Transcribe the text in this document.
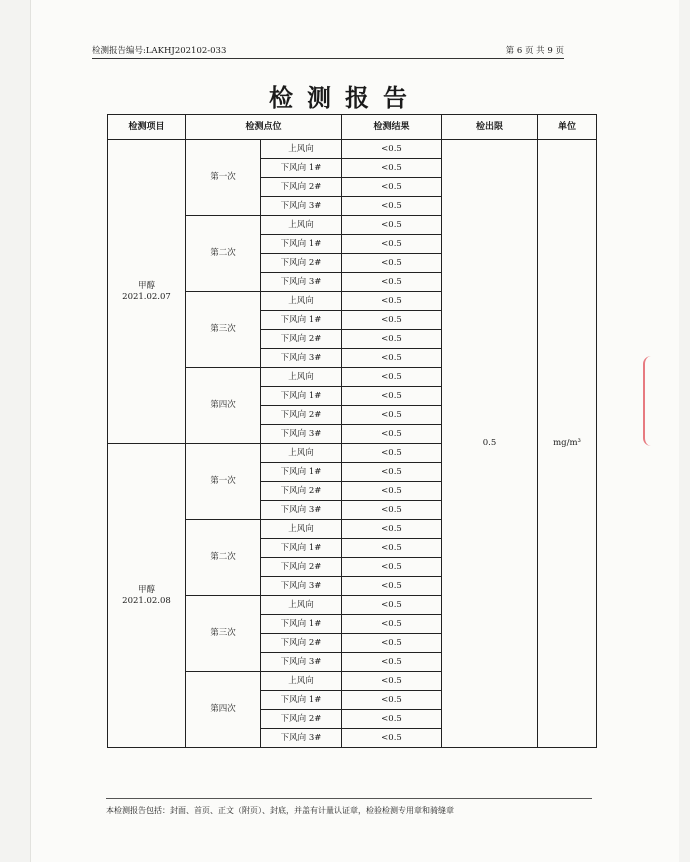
检测报告编号:LAKHJ202102-033	第 6 页 共 9 页
检测报告
检测项目	检测点位		检测结果	检出限	单位
甲醇
2021.02.07	第一次	上风向	<0.5	0.5	mg/m³
		下风向 1#	<0.5		
		下风向 2#	<0.5		
		下风向 3#	<0.5		
	第二次	上风向	<0.5		
		下风向 1#	<0.5		
		下风向 2#	<0.5		
		下风向 3#	<0.5		
	第三次	上风向	<0.5		
		下风向 1#	<0.5		
		下风向 2#	<0.5		
		下风向 3#	<0.5		
	第四次	上风向	<0.5		
		下风向 1#	<0.5		
		下风向 2#	<0.5		
		下风向 3#	<0.5		
甲醇
2021.02.08	第一次	上风向	<0.5		
		下风向 1#	<0.5		
		下风向 2#	<0.5		
		下风向 3#	<0.5		
	第二次	上风向	<0.5		
		下风向 1#	<0.5		
		下风向 2#	<0.5		
		下风向 3#	<0.5		
	第三次	上风向	<0.5		
		下风向 1#	<0.5		
		下风向 2#	<0.5		
		下风向 3#	<0.5		
	第四次	上风向	<0.5		
		下风向 1#	<0.5		
		下风向 2#	<0.5		
		下风向 3#	<0.5		
本检测报告包括：封面、首页、正文（附页）、封底，并盖有计量认证章，检验检测专用章和骑缝章
